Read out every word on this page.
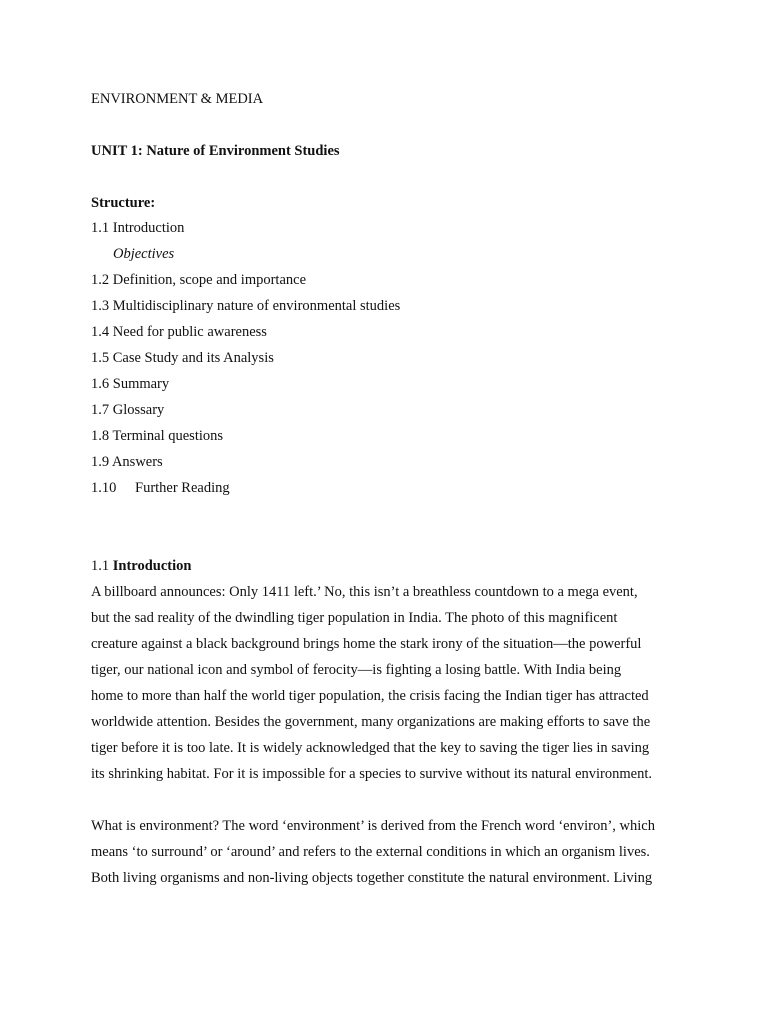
ENVIRONMENT & MEDIA
UNIT 1: Nature of Environment Studies
Structure:
1.1 Introduction
Objectives
1.2 Definition, scope and importance
1.3 Multidisciplinary nature of environmental studies
1.4 Need for public awareness
1.5 Case Study and its Analysis
1.6 Summary
1.7 Glossary
1.8 Terminal questions
1.9 Answers
1.10 Further Reading
1.1 Introduction
A billboard announces: Only 1411 left.’ No, this isn’t a breathless countdown to a mega event,
but the sad reality of the dwindling tiger population in India. The photo of this magnificent
creature against a black background brings home the stark irony of the situation—the powerful
tiger, our national icon and symbol of ferocity—is fighting a losing battle. With India being
home to more than half the world tiger population, the crisis facing the Indian tiger has attracted
worldwide attention. Besides the government, many organizations are making efforts to save the
tiger before it is too late. It is widely acknowledged that the key to saving the tiger lies in saving
its shrinking habitat. For it is impossible for a species to survive without its natural environment.
What is environment? The word ‘environment’ is derived from the French word ‘environ’, which
means ‘to surround’ or ‘around’ and refers to the external conditions in which an organism lives.
Both living organisms and non-living objects together constitute the natural environment. Living
